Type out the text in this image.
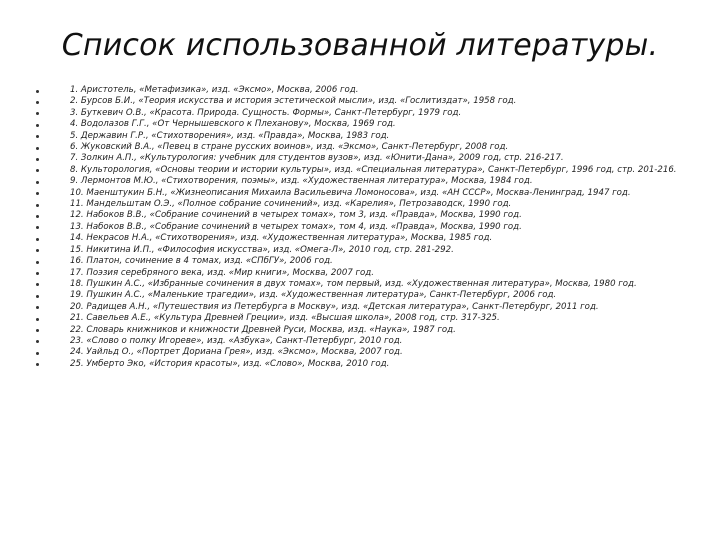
Список использованной литературы.
1. Аристотель, «Метафизика», изд. «Эксмо», Москва, 2006 год.
2. Бурсов Б.И., «Теория искусства и история эстетической мысли», изд. «Гослитиздат», 1958 год.
3. Буткевич О.В., «Красота. Природа. Сущность. Формы», Санкт-Петербург, 1979 год.
4. Водолазов Г.Г., «От Чернышевского к Плеханову», Москва, 1969 год.
5. Державин Г.Р., «Стихотворения», изд. «Правда», Москва, 1983 год.
6. Жуковский В.А., «Певец в стране русских воинов», изд. «Эксмо», Санкт-Петербург, 2008 год.
7. Золкин А.П., «Культурология: учебник для студентов вузов», изд. «Юнити-Дана», 2009 год, стр. 216-217.
8. Культорология, «Основы теории и истории культуры», изд. «Специальная литература», Санкт-Петербург, 1996 год, стр. 201-216.
9. Лермонтов М.Ю., «Стихотворения, поэмы», изд. «Художественная литература», Москва, 1984 год.
10. Маенштукин Б.Н., «Жизнеописания Михаила Васильевича Ломоносова», изд. «АН СССР», Москва-Ленинград, 1947 год.
11. Мандельштам О.Э., «Полное собрание сочинений», изд. «Карелия», Петрозаводск, 1990 год.
12. Набоков В.В., «Собрание сочинений в четырех томах», том 3, изд. «Правда», Москва, 1990 год.
13. Набоков В.В., «Собрание сочинений в четырех томах», том 4, изд. «Правда», Москва, 1990 год.
14. Некрасов Н.А., «Стихотворения», изд. «Художественная литература», Москва, 1985 год.
15. Никитина И.П., «Философия искусства», изд. «Омега-Л», 2010 год, стр. 281-292.
16. Платон, сочинение в 4 томах, изд. «СПбГУ», 2006 год.
17. Поэзия серебряного века, изд. «Мир книги», Москва, 2007 год.
18. Пушкин А.С., «Избранные сочинения в двух томах», том первый, изд. «Художественная литература», Москва, 1980 год.
19. Пушкин А.С., «Маленькие трагедии», изд. «Художественная литература», Санкт-Петербург, 2006 год.
20. Радищев А.Н., «Путешествия из Петербурга в Москву», изд. «Детская литература», Санкт-Петербург, 2011 год.
21. Савельев А.Е., «Культура Древней Греции», изд. «Высшая школа», 2008 год, стр. 317-325.
22. Словарь книжников и книжности Древней Руси, Москва, изд. «Наука», 1987 год.
23. «Слово о полку Игореве», изд. «Азбука», Санкт-Петербург, 2010 год.
24. Уайльд О., «Портрет Дориана Грея», изд. «Эксмо», Москва, 2007 год.
25. Умберто Эко, «История красоты», изд. «Слово», Москва, 2010 год.
